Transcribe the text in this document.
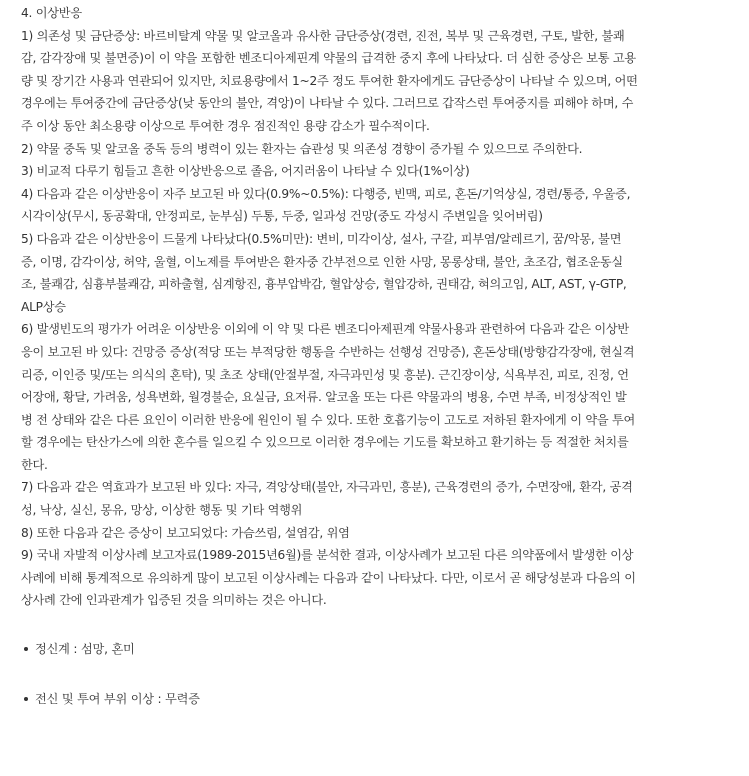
4. 이상반응
1) 의존성 및 금단증상: 바르비탈계 약물 및 알코올과 유사한 금단증상(경련, 진전, 복부 및 근육경련, 구토, 발한, 불쾌
감, 감각장애 및 불면증)이 이 약을 포함한 벤조디아제핀계 약물의 급격한 중지 후에 나타났다. 더 심한 증상은 보통 고용
량 및 장기간 사용과 연관되어 있지만, 치료용량에서 1~2주 정도 투여한 환자에게도 금단증상이 나타날 수 있으며, 어떤
경우에는 투여중간에 금단증상(낮 동안의 불안, 격앙)이 나타날 수 있다. 그러므로 갑작스런 투여중지를 피해야 하며, 수
주 이상 동안 최소용량 이상으로 투여한 경우 점진적인 용량 감소가 필수적이다.
2) 약물 중독 및 알코올 중독 등의 병력이 있는 환자는 습관성 및 의존성 경향이 증가될 수 있으므로 주의한다.
3) 비교적 다루기 힘들고 흔한 이상반응으로 졸음, 어지러움이 나타날 수 있다(1%이상)
4) 다음과 같은 이상반응이 자주 보고된 바 있다(0.9%~0.5%): 다행증, 빈맥, 피로, 혼돈/기억상실, 경련/통증, 우울증,
시각이상(무시, 동공확대, 안정피로, 눈부심) 두통, 두중, 일과성 건망(중도 각성시 주변일을 잊어버림)
5) 다음과 같은 이상반응이 드물게 나타났다(0.5%미만): 변비, 미각이상, 설사, 구갈, 피부염/알레르기, 꿈/악몽, 불면
증, 이명, 감각이상, 허약, 울혈, 이노제를 투여받은 환자중 간부전으로 인한 사망, 몽롱상태, 불안, 초조감, 협조운동실
조, 불쾌감, 심흉부불쾌감, 피하출혈, 심계항진, 흉부압박감, 혈압상승, 혈압강하, 권태감, 혀의고임, ALT, AST, γ-GTP,
ALP상승
6) 발생빈도의 평가가 어려운 이상반응 이외에 이 약 및 다른 벤조디아제핀계 약물사용과 관련하여 다음과 같은 이상반
응이 보고된 바 있다: 건망증 증상(적당 또는 부적당한 행동을 수반하는 선행성 건망증), 혼돈상태(방향감각장애, 현실격
리증, 이인증 및/또는 의식의 혼탁), 및 초조 상태(안절부절, 자극과민성 및 흥분). 근긴장이상, 식욕부진, 피로, 진정, 언
어장애, 황달, 가려움, 성욕변화, 월경불순, 요실금, 요저류. 알코올 또는 다른 약물과의 병용, 수면 부족, 비정상적인 발
병 전 상태와 같은 다른 요인이 이러한 반응에 원인이 될 수 있다. 또한 호흡기능이 고도로 저하된 환자에게 이 약을 투여
할 경우에는 탄산가스에 의한 혼수를 일으킬 수 있으므로 이러한 경우에는 기도를 확보하고 환기하는 등 적절한 처치를
한다.
7) 다음과 같은 역효과가 보고된 바 있다: 자극, 격앙상태(불안, 자극과민, 흥분), 근육경련의 증가, 수면장애, 환각, 공격
성, 낙상, 실신, 몽유, 망상, 이상한 행동 및 기타 역행위
8) 또한 다음과 같은 증상이 보고되었다: 가슴쓰림, 설염감, 위염
9) 국내 자발적 이상사례 보고자료(1989-2015년6월)를 분석한 결과, 이상사례가 보고된 다른 의약품에서 발생한 이상
사례에 비해 통계적으로 유의하게 많이 보고된 이상사례는 다음과 같이 나타났다. 다만, 이로서 곧 해당성분과 다음의 이
상사례 간에 인과관계가 입증된 것을 의미하는 것은 아니다.
정신계 : 섬망, 혼미
전신 및 투여 부위 이상 : 무력증
